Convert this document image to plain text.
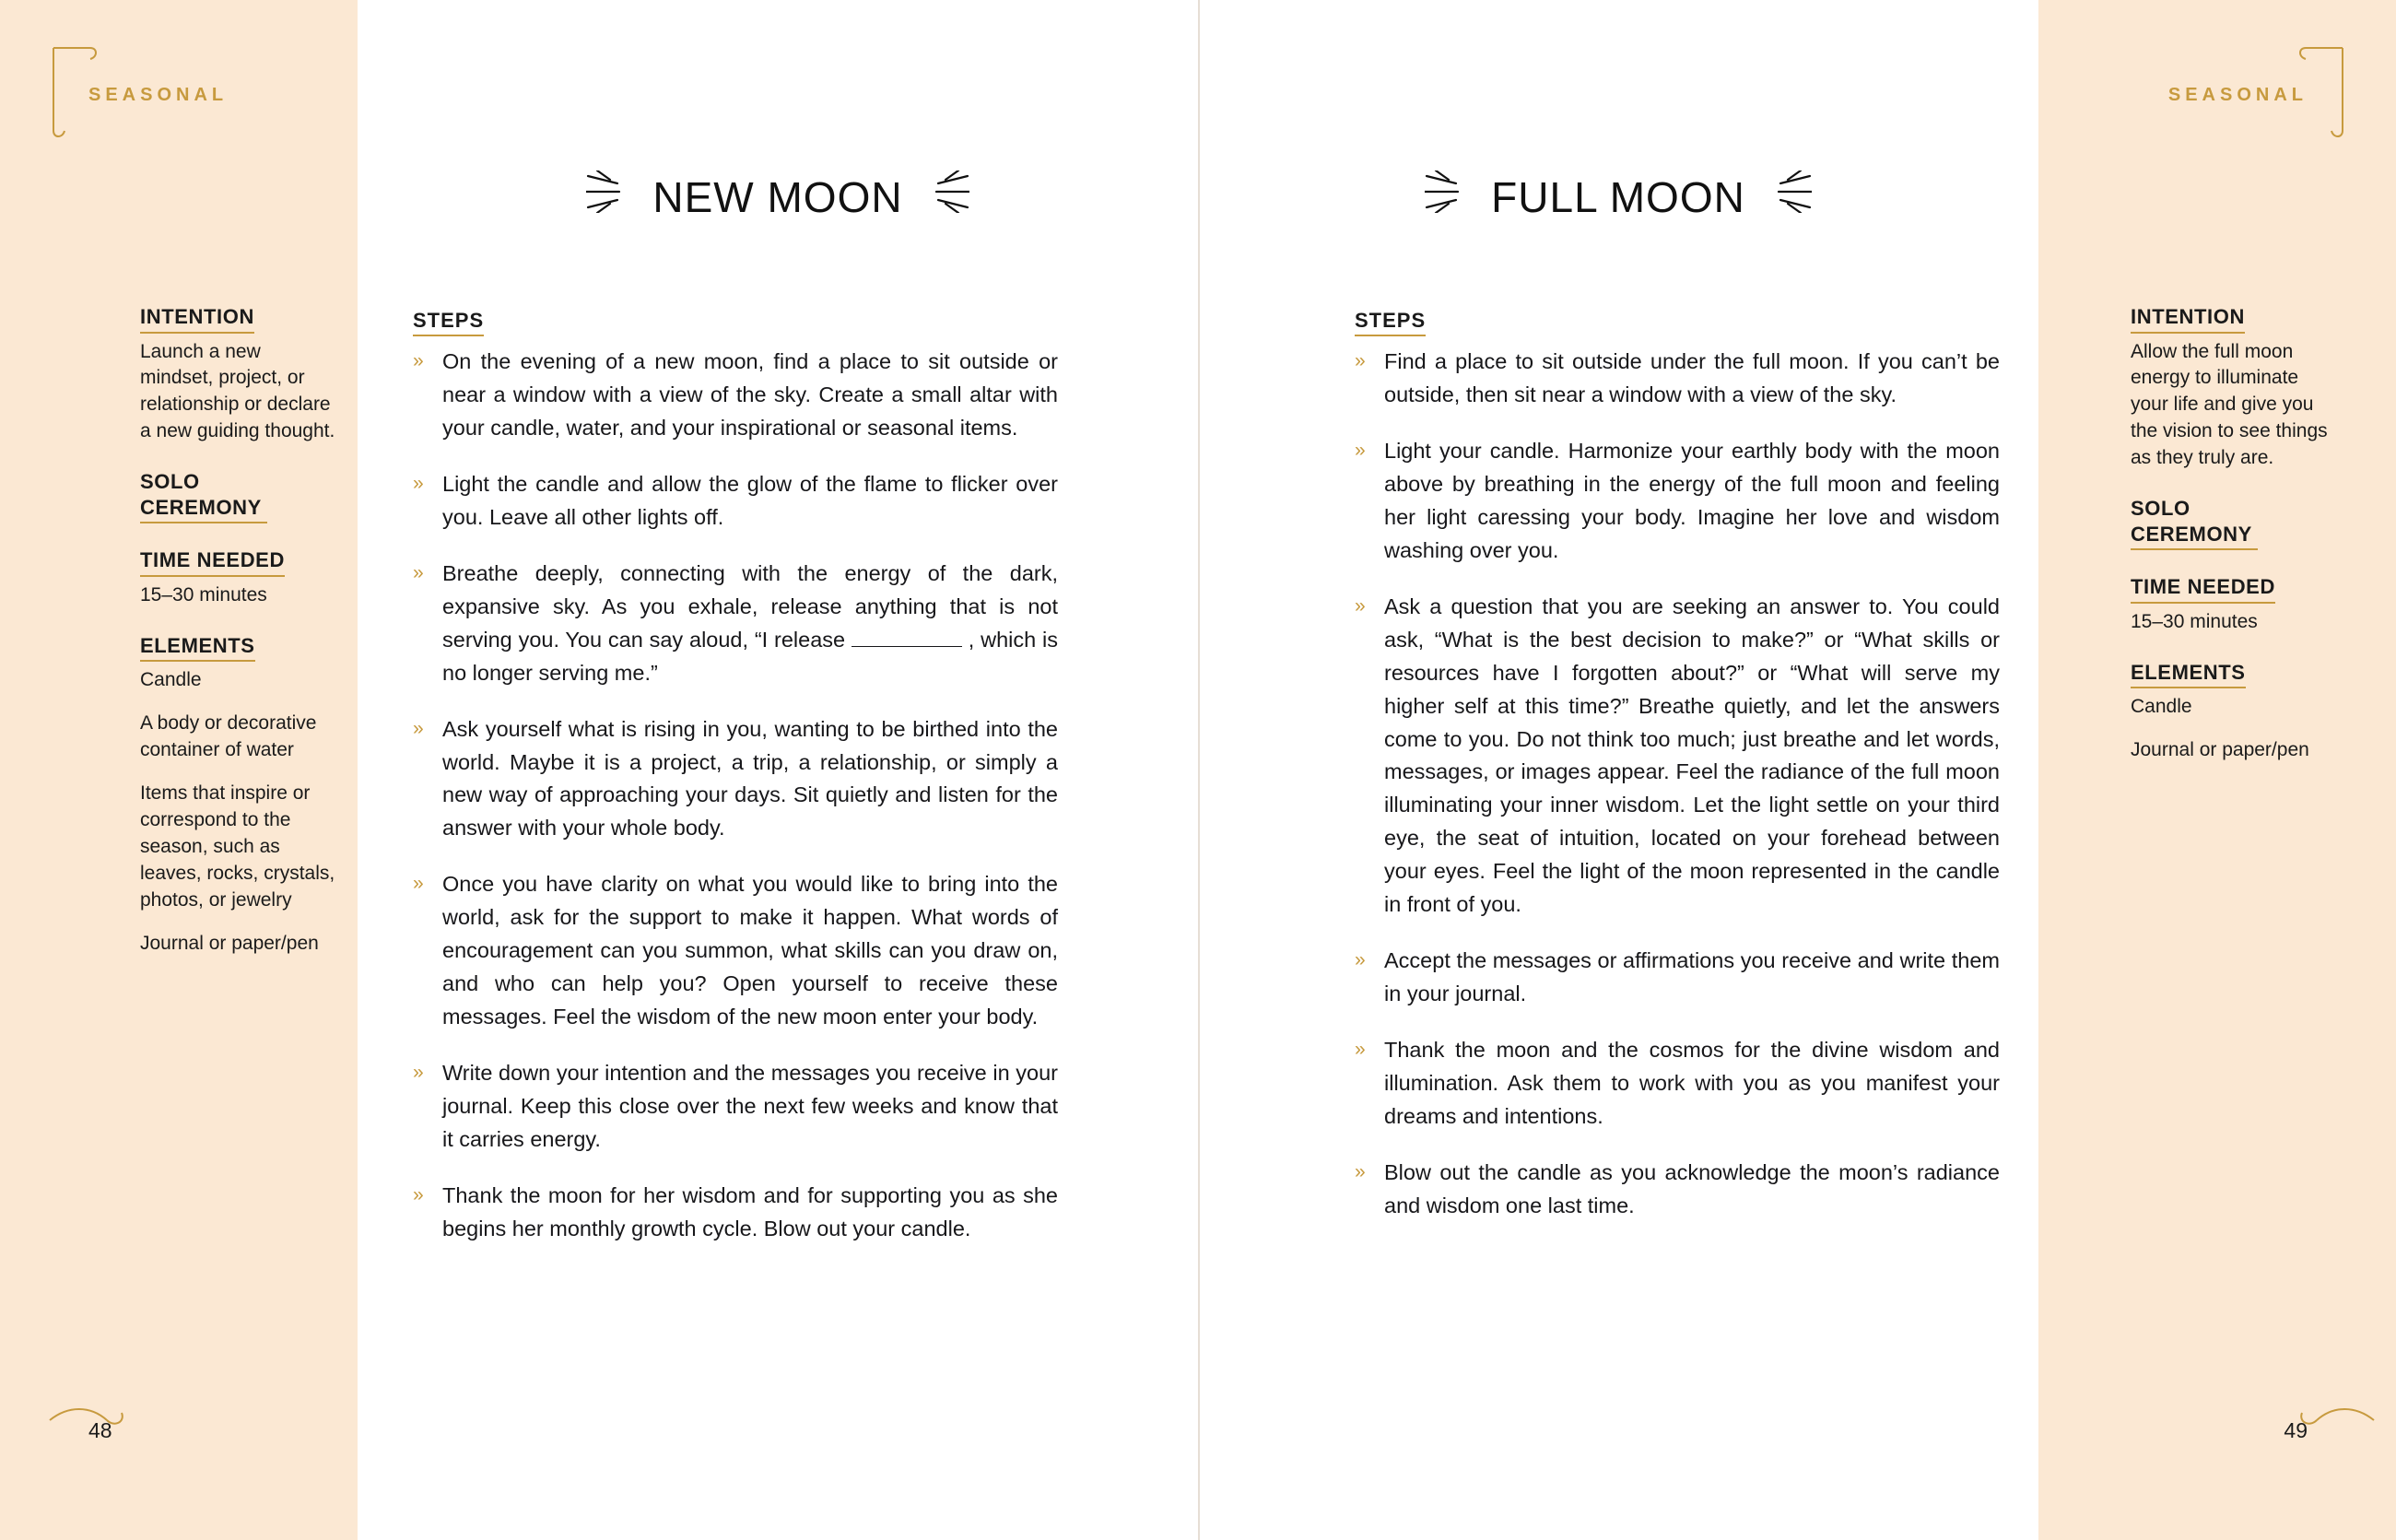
SEASONAL
INTENTION

Launch a new mindset, project, or relationship or declare a new guiding thought.

SOLO CEREMONY
TIME NEEDED

15–30 minutes

ELEMENTS

Candle

A body or decorative container of water

Items that inspire or correspond to the season, such as leaves, rocks, crystals, photos, or jewelry

Journal or paper/pen

48
NEW MOON
STEPS
» On the evening of a new moon, find a place to sit outside or near a window with a view of the sky. Create a small altar with your candle, water, and your inspirational or seasonal items.
» Light the candle and allow the glow of the flame to flicker over you. Leave all other lights off.
» Breathe deeply, connecting with the energy of the dark, expansive sky. As you exhale, release anything that is not serving you. You can say aloud, “I release	, which is no longer serving me.”
» Ask yourself what is rising in you, wanting to be birthed into the world. Maybe it is a project, a trip, a relationship, or simply a new way of approaching your days. Sit quietly and listen for the answer with your whole body.
» Once you have clarity on what you would like to bring into the world, ask for the support to make it happen. What words of encouragement can you summon, what skills can you draw on, and who can help you? Open yourself to receive these messages. Feel the wisdom of the new moon enter your body.
» Write down your intention and the messages you receive in your journal. Keep this close over the next few weeks and know that it carries energy.
» Thank the moon for her wisdom and for supporting you as she begins her monthly growth cycle. Blow out your candle.
FULL MOON
STEPS
» Find a place to sit outside under the full moon. If you can’t be outside, then sit near a window with a view of the sky.
» Light your candle. Harmonize your earthly body with the moon above by breathing in the energy of the full moon and feeling her light caressing your body. Imagine her love and wisdom washing over you.
» Ask a question that you are seeking an answer to. You could ask, “What is the best decision to make?” or “What skills or resources have I forgotten about?” or “What will serve my higher self at this time?” Breathe quietly, and let the answers come to you. Do not think too much; just breathe and let words, messages, or images appear. Feel the radiance of the full moon illuminating your inner wisdom. Let the light settle on your third eye, the seat of intuition, located on your forehead between your eyes. Feel the light of the moon represented in the candle in front of you.
» Accept the messages or affirmations you receive and write them in your journal.
» Thank the moon and the cosmos for the divine wisdom and illumination. Ask them to work with you as you manifest your dreams and intentions.
» Blow out the candle as you acknowledge the moon’s radiance and wisdom one last time.
SEASONAL
INTENTION

Allow the full moon energy to illuminate your life and give you the vision to see things as they truly are.

SOLO CEREMONY
TIME NEEDED

15–30 minutes

ELEMENTS

Candle

Journal or paper/pen

49
